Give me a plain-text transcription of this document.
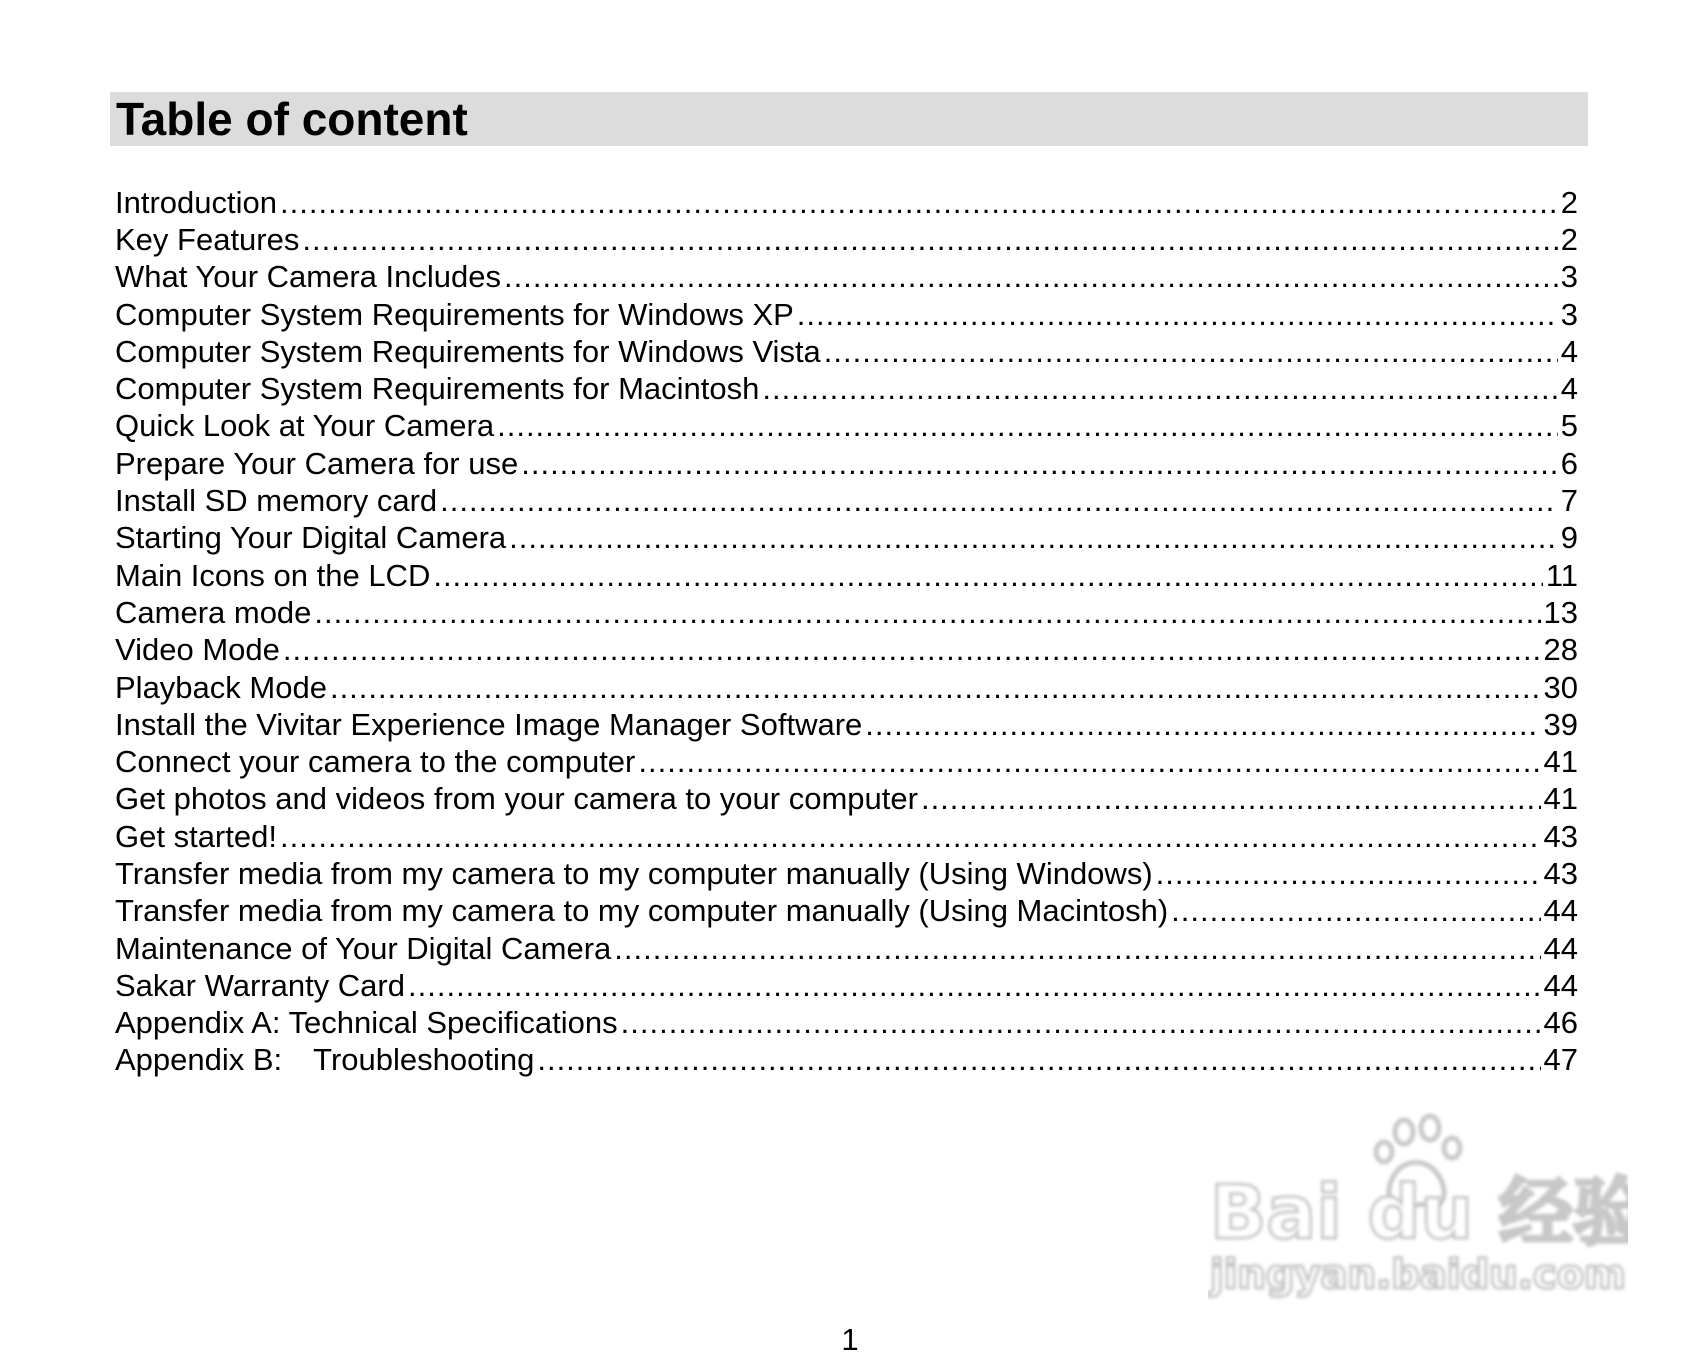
Table of content
Introduction .....	2
Key Features .....	2
What Your Camera Includes .....	3
Computer System Requirements for Windows XP .....	3
Computer System Requirements for Windows Vista .....	4
Computer System Requirements for Macintosh .....	4
Quick Look at Your Camera .....	5
Prepare Your Camera for use .....	6
Install SD memory card .....	7
Starting Your Digital Camera .....	9
Main Icons on the LCD .....	11
Camera mode .....	13
Video Mode .....	28
Playback Mode .....	30
Install the Vivitar Experience Image Manager Software .....	39
Connect your camera to the computer .....	41
Get photos and videos from your camera to your computer .....	41
Get started! .....	43
Transfer media from my camera to my computer manually (Using Windows) .....	43
Transfer media from my camera to my computer manually (Using Macintosh) .....	44
Maintenance of Your Digital Camera .....	44
Sakar Warranty Card .....	44
Appendix A: Technical Specifications .....	46
Appendix B: Troubleshooting .....	47
Bai du 经验
jingyan.baidu.com
1
